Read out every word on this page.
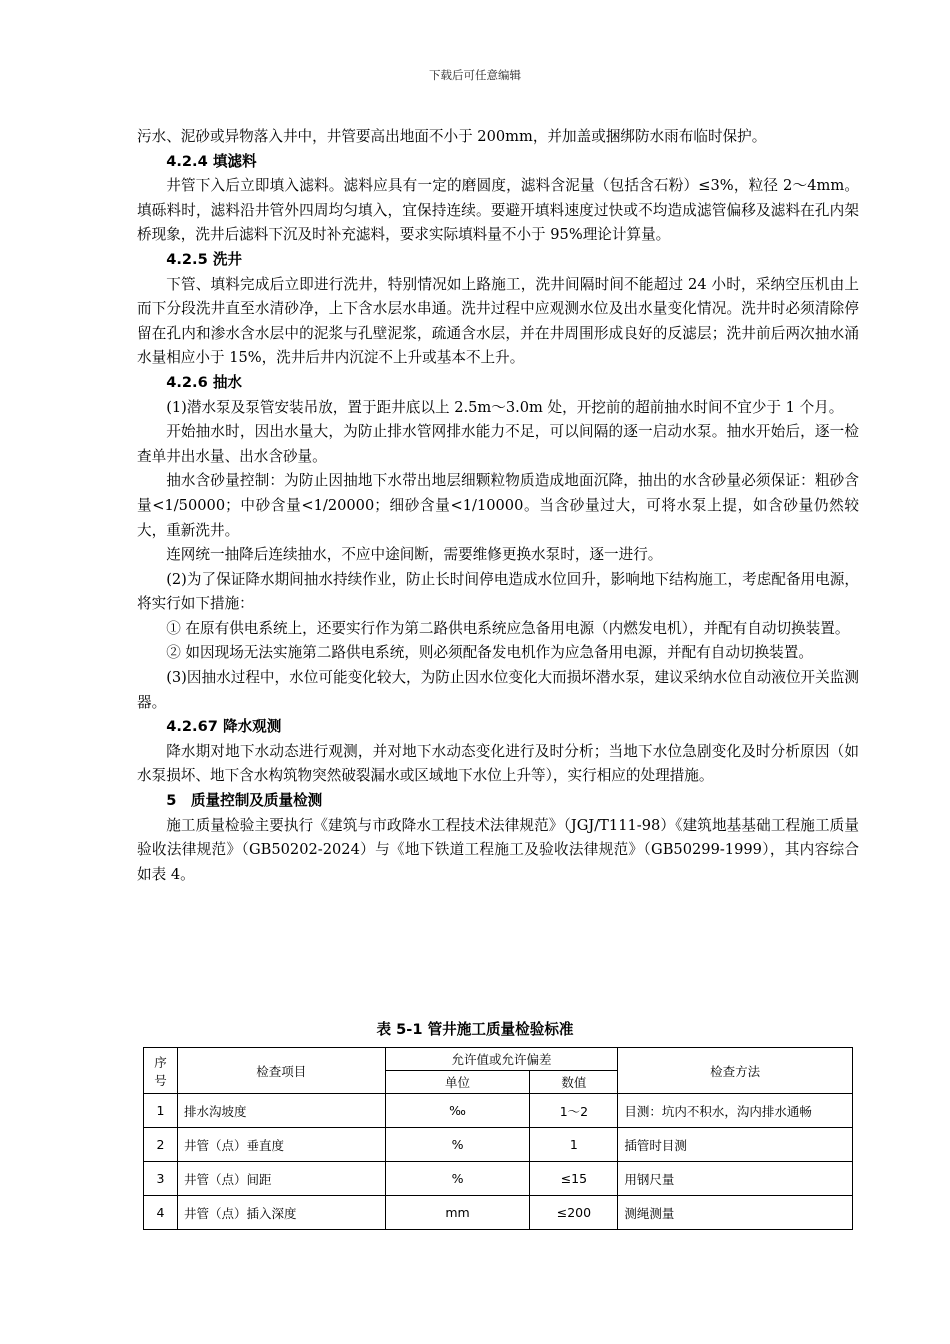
下载后可任意编辑

污水、泥砂或异物落入井中，井管要高出地面不小于 200mm，并加盖或捆绑防水雨布临时保护。

4.2.4 填滤料

井管下入后立即填入滤料。滤料应具有一定的磨圆度，滤料含泥量（包括含石粉）≤3%，粒径 2～4mm。填砾料时，滤料沿井管外四周均匀填入，宜保持连续。要避开填料速度过快或不均造成滤管偏移及滤料在孔内架桥现象，洗井后滤料下沉及时补充滤料，要求实际填料量不小于 95%理论计算量。

4.2.5 洗井

下管、填料完成后立即进行洗井，特别情况如上路施工，洗井间隔时间不能超过 24 小时，采纳空压机由上而下分段洗井直至水清砂净，上下含水层水串通。洗井过程中应观测水位及出水量变化情况。洗井时必须清除停留在孔内和渗水含水层中的泥浆与孔壁泥浆，疏通含水层，并在井周围形成良好的反滤层；洗井前后两次抽水涌水量相应小于 15%，洗井后井内沉淀不上升或基本不上升。

4.2.6 抽水

(1)潜水泵及泵管安装吊放，置于距井底以上 2.5m～3.0m 处，开挖前的超前抽水时间不宜少于 1 个月。

开始抽水时，因出水量大，为防止排水管网排水能力不足，可以间隔的逐一启动水泵。抽水开始后，逐一检查单井出水量、出水含砂量。

抽水含砂量控制：为防止因抽地下水带出地层细颗粒物质造成地面沉降，抽出的水含砂量必须保证：粗砂含量<1/50000；中砂含量<1/20000；细砂含量<1/10000。当含砂量过大，可将水泵上提，如含砂量仍然较大，重新洗井。

连网统一抽降后连续抽水，不应中途间断，需要维修更换水泵时，逐一进行。

(2)为了保证降水期间抽水持续作业，防止长时间停电造成水位回升，影响地下结构施工，考虑配备用电源，将实行如下措施：

① 在原有供电系统上，还要实行作为第二路供电系统应急备用电源（内燃发电机），并配有自动切换装置。

② 如因现场无法实施第二路供电系统，则必须配备发电机作为应急备用电源，并配有自动切换装置。

(3)因抽水过程中，水位可能变化较大，为防止因水位变化大而损坏潜水泵，建议采纳水位自动液位开关监测器。

4.2.67 降水观测

降水期对地下水动态进行观测，并对地下水动态变化进行及时分析；当地下水位急剧变化及时分析原因（如水泵损坏、地下含水构筑物突然破裂漏水或区域地下水位上升等），实行相应的处理措施。

5　质量控制及质量检测

施工质量检验主要执行《建筑与市政降水工程技术法律规范》（JGJ/T111-98）《建筑地基基础工程施工质量验收法律规范》（GB50202-2024）与《地下铁道工程施工及验收法律规范》（GB50299-1999），其内容综合如表 4。

表 5-1 管井施工质量检验标准
序号	检查项目	允许值或允许偏差		检查方法
		单位	数值	
1	排水沟坡度	‰	1～2	目测：坑内不积水，沟内排水通畅
2	井管（点）垂直度	%	1	插管时目测
3	井管（点）间距	%	≤15	用钢尺量
4	井管（点）插入深度	mm	≤200	测绳测量
